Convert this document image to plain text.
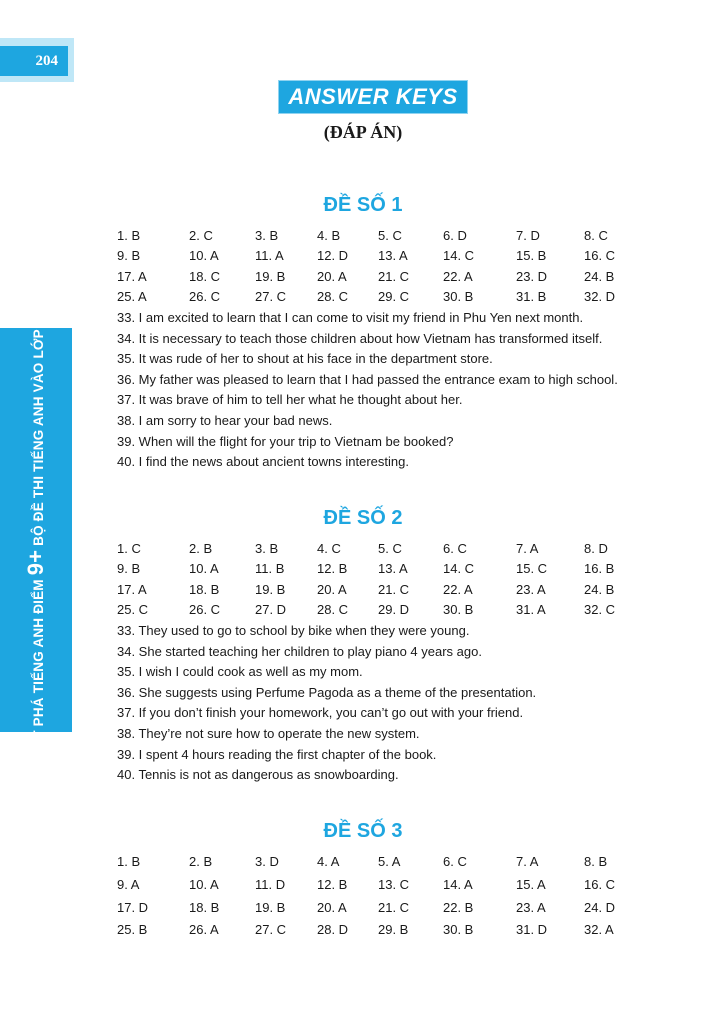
204
ĐỘT PHÁ TIẾNG ANH ĐIỂM 9+ BỘ ĐỀ THI TIẾNG ANH VÀO LỚP 10
ANSWER KEYS
(ĐÁP ÁN)
ĐỀ SỐ 1
1. B	2. C	3. B	4. B	5. C	6. D	7. D	8. C
9. B	10. A	11. A	12. D	13. A	14. C	15. B	16. C
17. A	18. C	19. B	20. A	21. C	22. A	23. D	24. B
25. A	26. C	27. C	28. C	29. C	30. B	31. B	32. D
33. I am excited to learn that I can come to visit my friend in Phu Yen next month.
34. It is necessary to teach those children about how Vietnam has transformed itself.
35. It was rude of her to shout at his face in the department store.
36. My father was pleased to learn that I had passed the entrance exam to high school.
37. It was brave of him to tell her what he thought about her.
38. I am sorry to hear your bad news.
39. When will the flight for your trip to Vietnam be booked?
40. I find the news about ancient towns interesting.
ĐỀ SỐ 2
1. C	2. B	3. B	4. C	5. C	6. C	7. A	8. D
9. B	10. A	11. B	12. B	13. A	14. C	15. C	16. B
17. A	18. B	19. B	20. A	21. C	22. A	23. A	24. B
25. C	26. C	27. D	28. C	29. D	30. B	31. A	32. C
33. They used to go to school by bike when they were young.
34. She started teaching her children to play piano 4 years ago.
35. I wish I could cook as well as my mom.
36. She suggests using Perfume Pagoda as a theme of the presentation.
37. If you don’t finish your homework, you can’t go out with your friend.
38. They’re not sure how to operate the new system.
39. I spent 4 hours reading the first chapter of the book.
40. Tennis is not as dangerous as snowboarding.
ĐỀ SỐ 3
1. B	2. B	3. D	4. A	5. A	6. C	7. A	8. B
9. A	10. A	11. D	12. B	13. C	14. A	15. A	16. C
17. D	18. B	19. B	20. A	21. C	22. B	23. A	24. D
25. B	26. A	27. C	28. D	29. B	30. B	31. D	32. A
